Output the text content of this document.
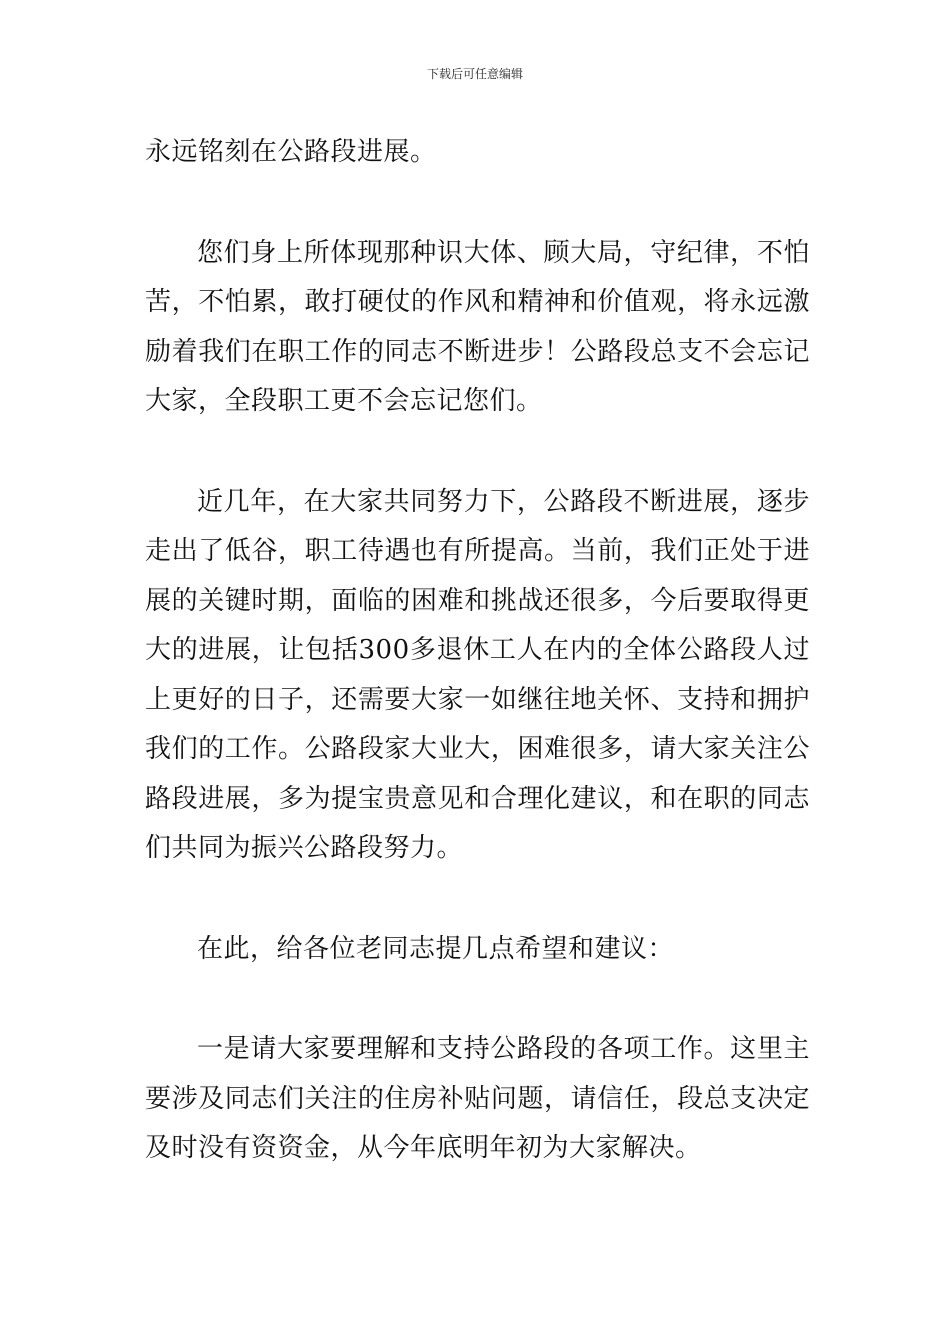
下载后可任意编辑

永远铭刻在公路段进展。

您们身上所体现那种识大体、顾大局，守纪律，不怕苦，不怕累，敢打硬仗的作风和精神和价值观，将永远激励着我们在职工作的同志不断进步！公路段总支不会忘记大家，全段职工更不会忘记您们。

近几年，在大家共同努力下，公路段不断进展，逐步走出了低谷，职工待遇也有所提高。当前，我们正处于进展的关键时期，面临的困难和挑战还很多，今后要取得更大的进展，让包括300多退休工人在内的全体公路段人过上更好的日子，还需要大家一如继往地关怀、支持和拥护我们的工作。公路段家大业大，困难很多，请大家关注公路段进展，多为提宝贵意见和合理化建议，和在职的同志们共同为振兴公路段努力。

在此，给各位老同志提几点希望和建议：

一是请大家要理解和支持公路段的各项工作。这里主要涉及同志们关注的住房补贴问题，请信任，段总支决定及时没有资资金，从今年底明年初为大家解决。
